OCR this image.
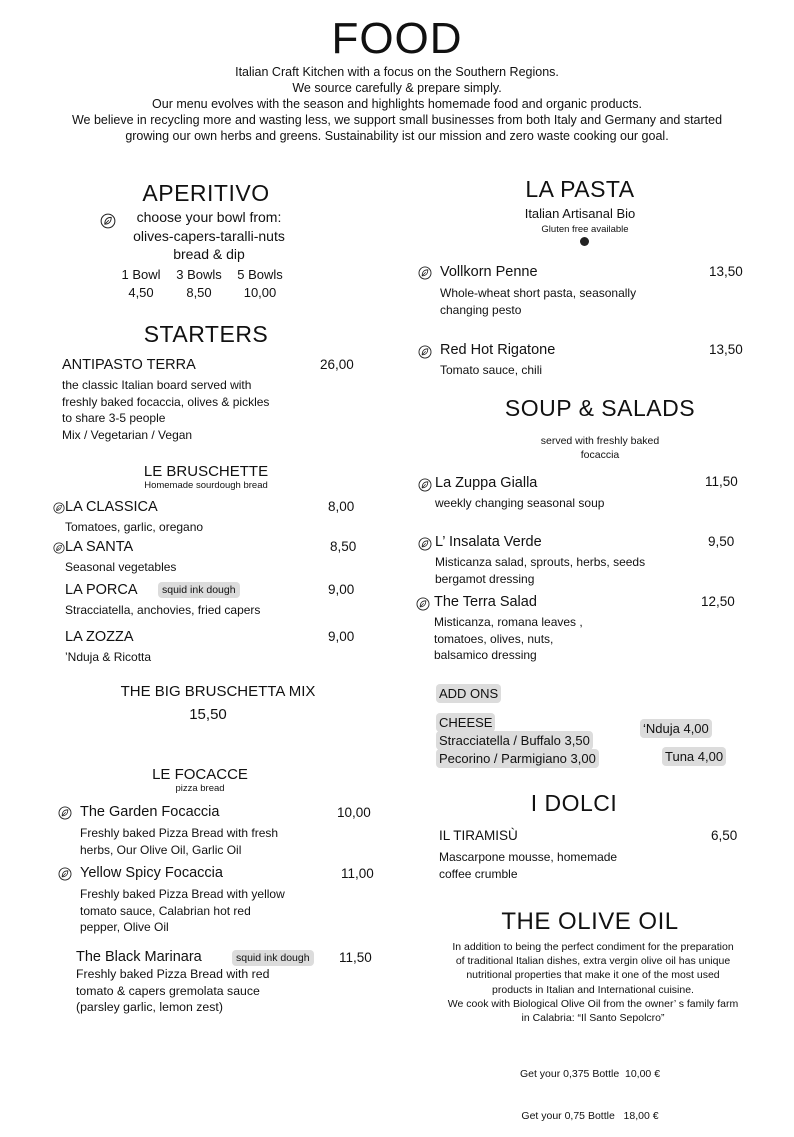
FOOD
Italian Craft Kitchen with a focus on the Southern Regions.
We source carefully & prepare simply.
Our menu evolves with the season and highlights homemade food and organic products.
We believe in recycling more and wasting less, we support small businesses from both Italy and Germany and started
growing our own herbs and greens. Sustainability ist our mission and zero waste cooking our goal.
APERITIVO
choose your bowl from:
olives-capers-taralli-nuts
bread & dip
1 Bowl
4,50
3 Bowls
8,50
5 Bowls
10,00
STARTERS
ANTIPASTO TERRA	26,00
the classic Italian board served with
freshly baked focaccia, olives & pickles
to share 3-5 people
Mix / Vegetarian / Vegan
LE BRUSCHETTE
Homemade sourdough bread
LA CLASSICA	8,00
Tomatoes, garlic, oregano
LA SANTA	8,50
Seasonal vegetables
LA PORCA	squid ink dough	9,00
Stracciatella, anchovies, fried capers
LA ZOZZA	9,00
’Nduja & Ricotta
THE BIG BRUSCHETTA MIX
15,50
LE FOCACCE
pizza bread
The Garden Focaccia	10,00
Freshly baked Pizza Bread with fresh
herbs, Our Olive Oil, Garlic Oil
Yellow Spicy Focaccia	11,00
Freshly baked Pizza Bread with yellow
tomato sauce, Calabrian hot red
pepper, Olive Oil
The Black Marinara	squid ink dough 11,50
Freshly baked Pizza Bread with red
tomato & capers gremolata sauce
(parsley garlic, lemon zest)
LA PASTA
Italian Artisanal Bio
Gluten free available
Vollkorn Penne	13,50
Whole-wheat short pasta, seasonally
changing pesto
Red Hot Rigatone	13,50
Tomato sauce, chili
SOUP & SALADS
served with freshly baked
focaccia
La Zuppa Gialla	11,50
weekly changing seasonal soup
L’ Insalata Verde	9,50
Misticanza salad, sprouts, herbs, seeds
bergamot dressing
The Terra Salad	12,50
Misticanza, romana leaves ,
tomatoes, olives, nuts,
balsamico dressing
ADD ONS
CHEESE
Stracciatella / Buffalo 3,50
Pecorino / Parmigiano 3,00
‘Nduja 4,00
Tuna 4,00
I DOLCI
IL TIRAMISÙ	6,50
Mascarpone mousse, homemade
coffee crumble
THE OLIVE OIL
In addition to being the perfect condiment for the preparation
of traditional Italian dishes, extra vergin olive oil has unique
nutritional properties that make it one of the most used
products in Italian and International cuisine.
We cook with Biological Olive Oil from the owner’ s family farm
in Calabria: “Il Santo Sepolcro”

Get your 0,375 Bottle  10,00 €

Get your 0,75 Bottle   18,00 €
